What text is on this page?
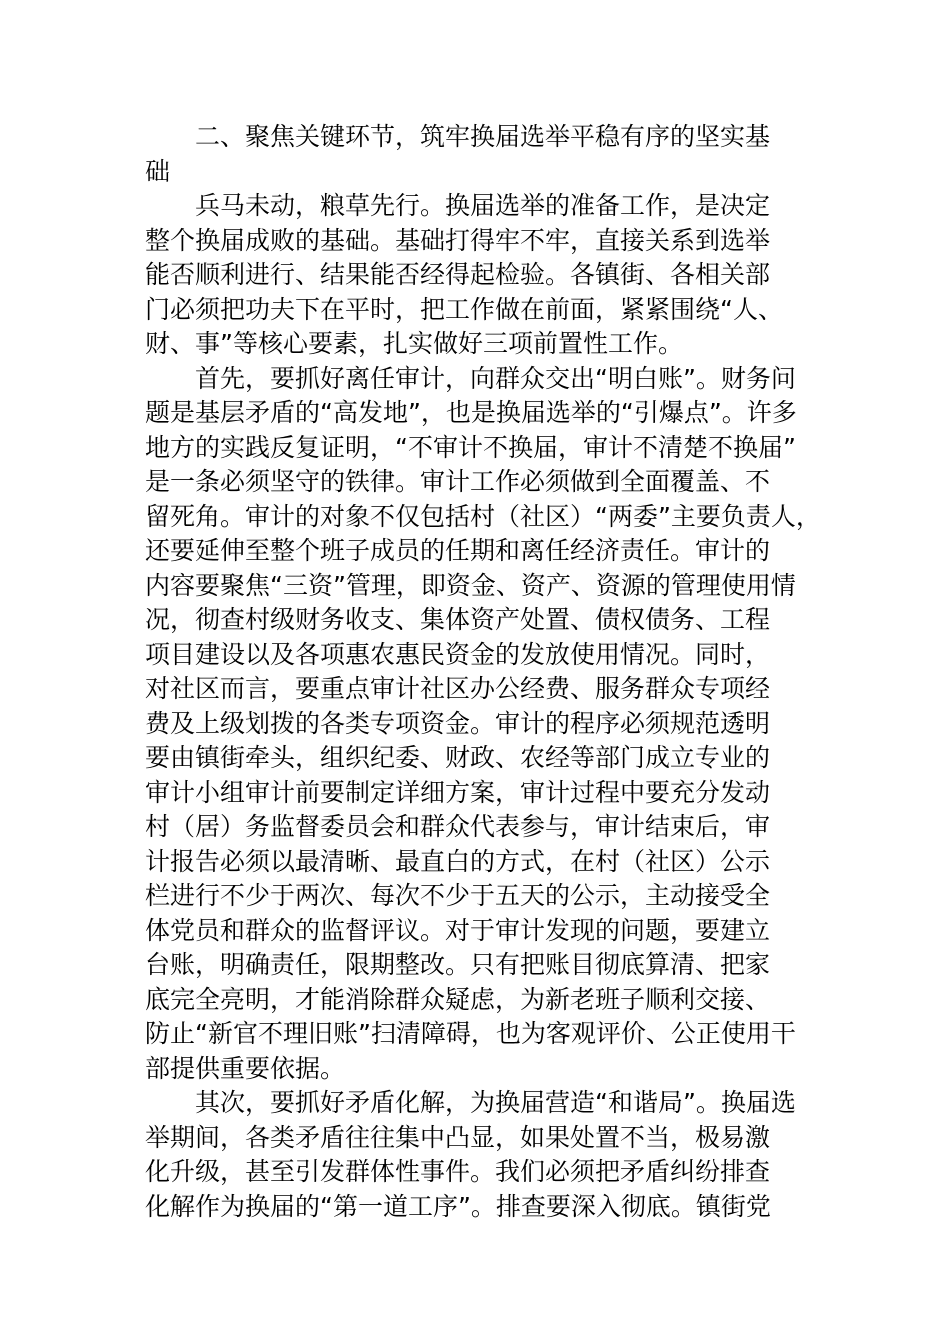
二、聚焦关键环节，筑牢换届选举平稳有序的坚实基
础
兵马未动，粮草先行。换届选举的准备工作，是决定
整个换届成败的基础。基础打得牢不牢，直接关系到选举
能否顺利进行、结果能否经得起检验。各镇街、各相关部
门必须把功夫下在平时，把工作做在前面，紧紧围绕“人、
财、事”等核心要素，扎实做好三项前置性工作。
首先，要抓好离任审计，向群众交出“明白账”。财务问
题是基层矛盾的“高发地”，也是换届选举的“引爆点”。许多
地方的实践反复证明，“不审计不换届，审计不清楚不换届”
是一条必须坚守的铁律。审计工作必须做到全面覆盖、不
留死角。审计的对象不仅包括村（社区）“两委”主要负责人，
还要延伸至整个班子成员的任期和离任经济责任。审计的
内容要聚焦“三资”管理，即资金、资产、资源的管理使用情
况，彻查村级财务收支、集体资产处置、债权债务、工程
项目建设以及各项惠农惠民资金的发放使用情况。同时，
对社区而言，要重点审计社区办公经费、服务群众专项经
费及上级划拨的各类专项资金。审计的程序必须规范透明
要由镇街牵头，组织纪委、财政、农经等部门成立专业的
审计小组审计前要制定详细方案，审计过程中要充分发动
村（居）务监督委员会和群众代表参与，审计结束后，审
计报告必须以最清晰、最直白的方式，在村（社区）公示
栏进行不少于两次、每次不少于五天的公示，主动接受全
体党员和群众的监督评议。对于审计发现的问题，要建立
台账，明确责任，限期整改。只有把账目彻底算清、把家
底完全亮明，才能消除群众疑虑，为新老班子顺利交接、
防止“新官不理旧账”扫清障碍，也为客观评价、公正使用干
部提供重要依据。
其次，要抓好矛盾化解，为换届营造“和谐局”。换届选
举期间，各类矛盾往往集中凸显，如果处置不当，极易激
化升级，甚至引发群体性事件。我们必须把矛盾纠纷排查
化解作为换届的“第一道工序”。排查要深入彻底。镇街党
